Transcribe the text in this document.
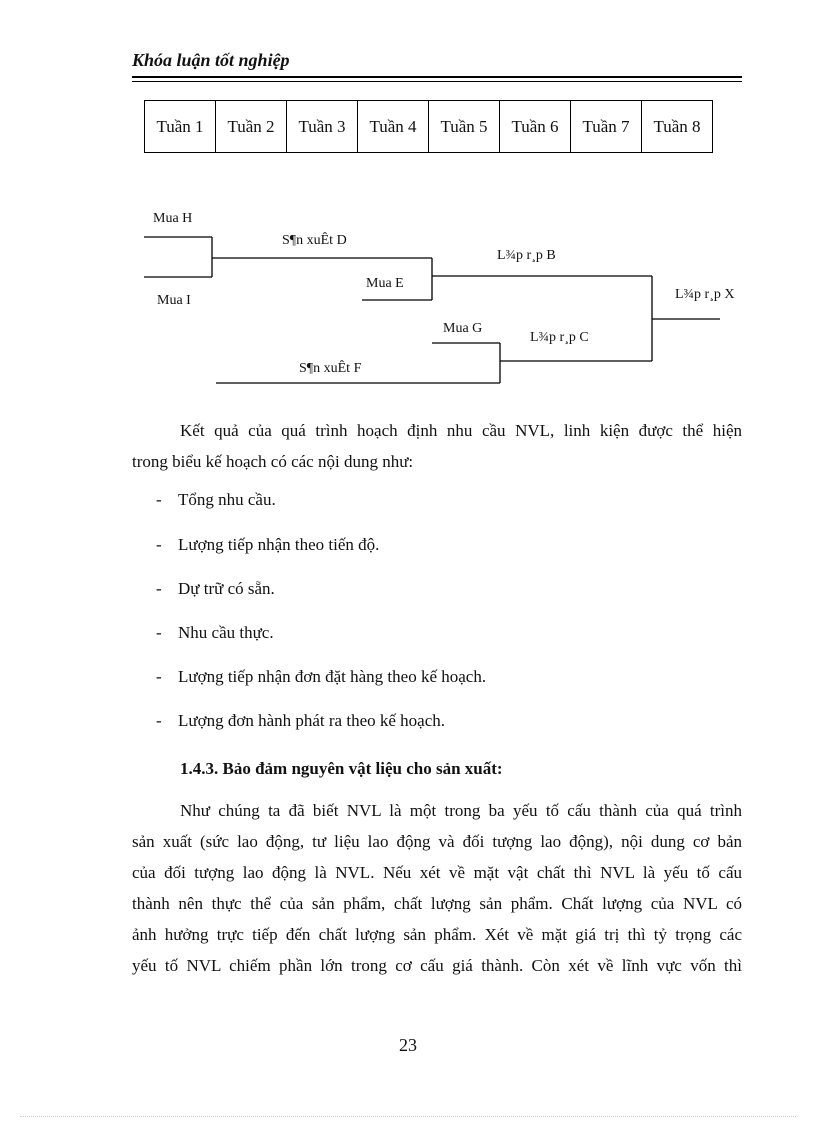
Khóa luận tốt nghiệp
Tuần 1	Tuần 2	Tuần 3	Tuần 4	Tuần 5	Tuần 6	Tuần 7	Tuần 8
Mua H
Mua I
S¶n xuÊt D
Mua E
L¾p r¸p B
L¾p r¸p X
Mua G
L¾p r¸p C
S¶n xuÊt F
Kết quả của quá trình hoạch định nhu cầu NVL, linh kiện được thể hiện
trong biểu kế hoạch có các nội dung như:
- Tổng nhu cầu.
- Lượng tiếp nhận theo tiến độ.
- Dự trữ có sẵn.
- Nhu cầu thực.
- Lượng tiếp nhận đơn đặt hàng theo kế hoạch.
- Lượng đơn hành phát ra theo kế hoạch.
1.4.3. Bảo đảm nguyên vật liệu cho sản xuất:
Như chúng ta đã biết NVL là một trong ba yếu tố cấu thành của quá trình
sản xuất (sức lao động, tư liệu lao động và đối tượng lao động), nội dung cơ bản
của đối tượng lao động là NVL. Nếu xét về mặt vật chất thì NVL là yếu tố cấu
thành nên thực thể của sản phẩm, chất lượng sản phẩm. Chất lượng của NVL có
ảnh hưởng trực tiếp đến chất lượng sản phẩm. Xét về mặt giá trị thì tỷ trọng các
yếu tố NVL chiếm phần lớn trong cơ cấu giá thành. Còn xét về lĩnh vực vốn thì
23
